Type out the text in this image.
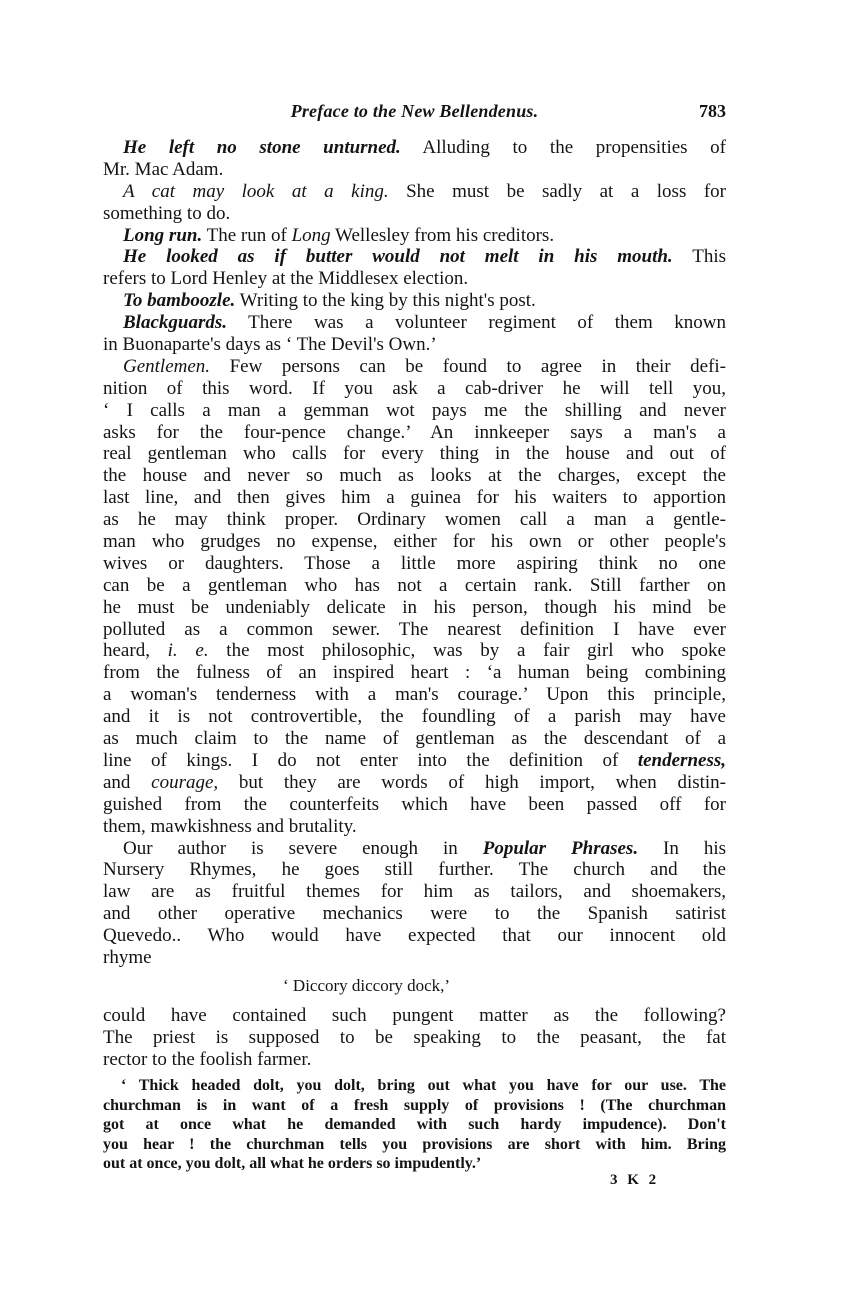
Preface to the New Bellendenus.	783
He left no stone unturned. Alluding to the propensities of
Mr. Mac Adam.
A cat may look at a king. She must be sadly at a loss for
something to do.
Long run. The run of Long Wellesley from his creditors.
He looked as if butter would not melt in his mouth. This
refers to Lord Henley at the Middlesex election.
To bamboozle. Writing to the king by this night's post.
Blackguards. There was a volunteer regiment of them known
in Buonaparte's days as ‘ The Devil's Own.’
Gentlemen. Few persons can be found to agree in their defi-
nition of this word. If you ask a cab-driver he will tell you,
‘ I calls a man a gemman wot pays me the shilling and never
asks for the four-pence change.’ An innkeeper says a man's a
real gentleman who calls for every thing in the house and out of
the house and never so much as looks at the charges, except the
last line, and then gives him a guinea for his waiters to apportion
as he may think proper. Ordinary women call a man a gentle-
man who grudges no expense, either for his own or other people's
wives or daughters. Those a little more aspiring think no one
can be a gentleman who has not a certain rank. Still farther on
he must be undeniably delicate in his person, though his mind be
polluted as a common sewer. The nearest definition I have ever
heard, i. e. the most philosophic, was by a fair girl who spoke
from the fulness of an inspired heart : ‘a human being combining
a woman's tenderness with a man's courage.’ Upon this principle,
and it is not controvertible, the foundling of a parish may have
as much claim to the name of gentleman as the descendant of a
line of kings. I do not enter into the definition of tenderness,
and courage, but they are words of high import, when distin-
guished from the counterfeits which have been passed off for
them, mawkishness and brutality.
Our author is severe enough in Popular Phrases. In his
Nursery Rhymes, he goes still further. The church and the
law are as fruitful themes for him as tailors, and shoemakers,
and other operative mechanics were to the Spanish satirist
Quevedo.. Who would have expected that our innocent old
rhyme
‘ Diccory diccory dock,’
could have contained such pungent matter as the following?
The priest is supposed to be speaking to the peasant, the fat
rector to the foolish farmer.
‘ Thick headed dolt, you dolt, bring out what you have for our use. The
churchman is in want of a fresh supply of provisions ! (The churchman
got at once what he demanded with such hardy impudence). Don't
you hear ! the churchman tells you provisions are short with him. Bring
out at once, you dolt, all what he orders so impudently.’
3 K 2
